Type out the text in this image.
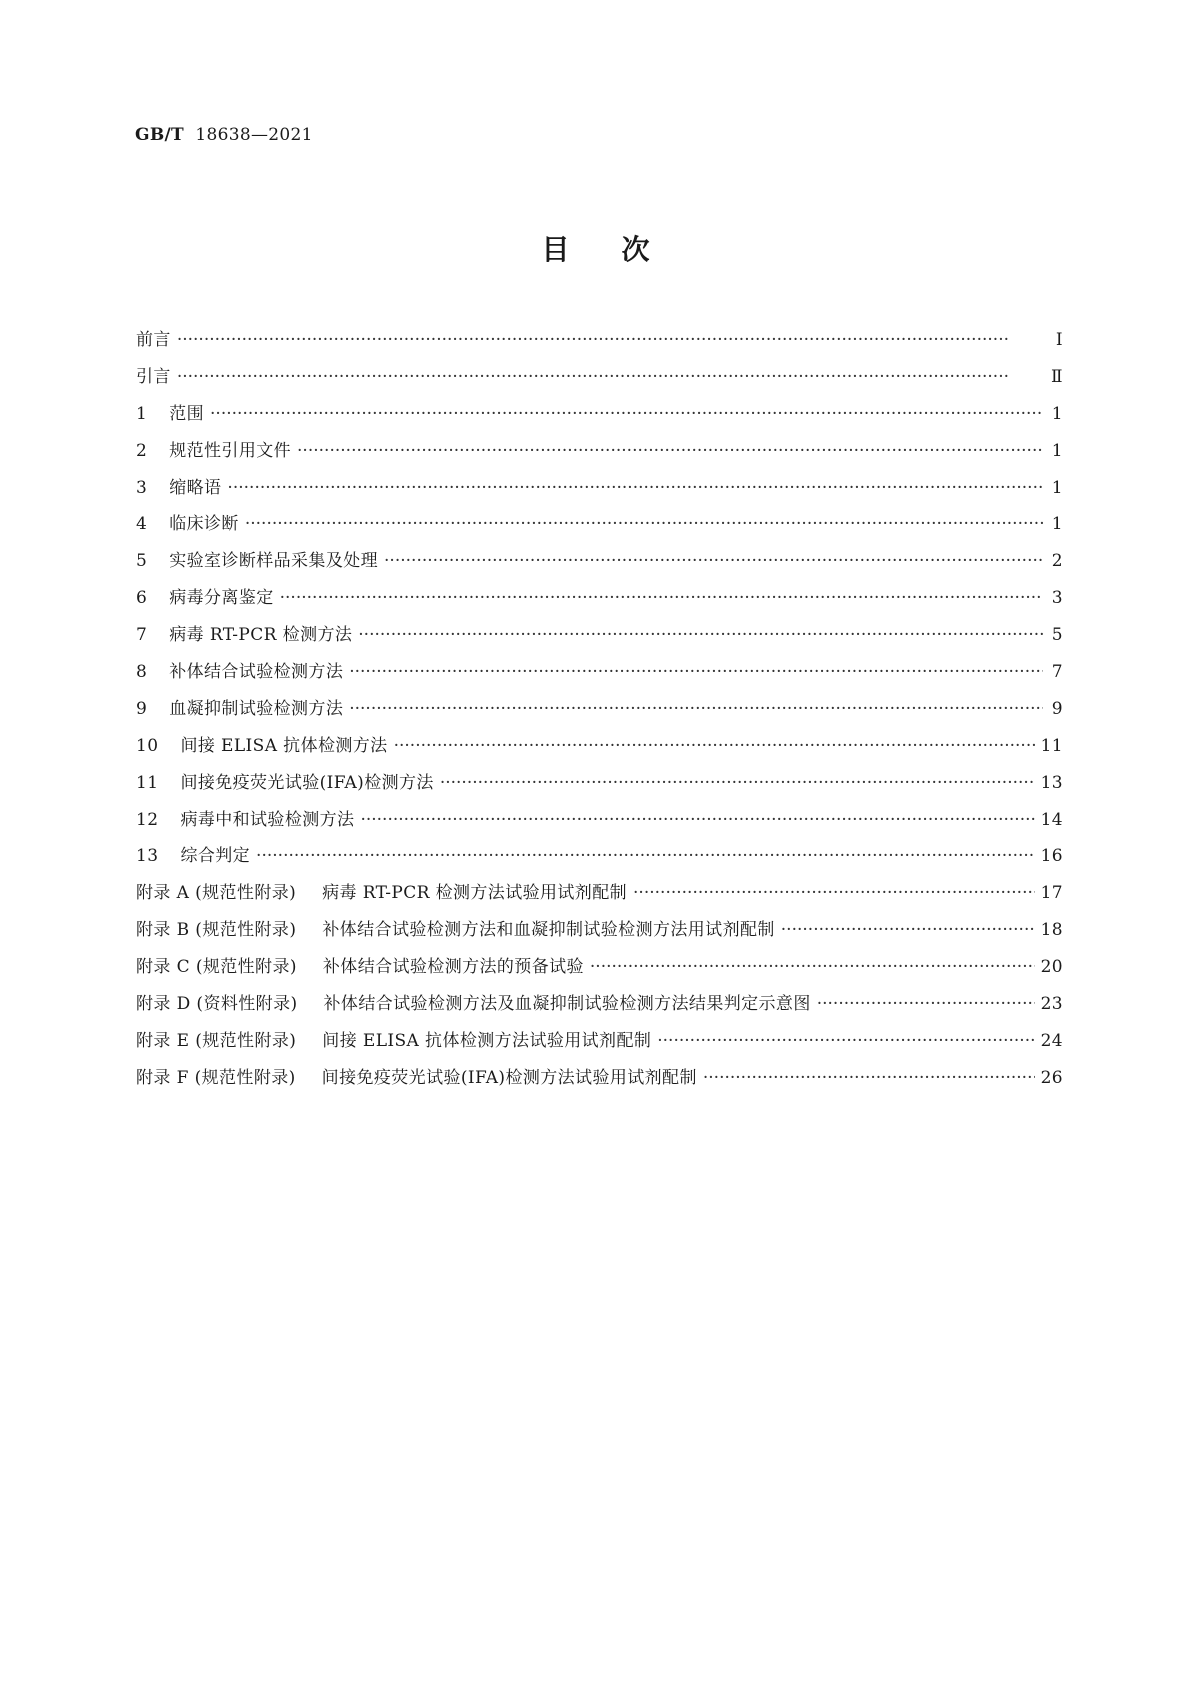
GB/T 18638—2021
目次
前言 ·····	Ⅰ
引言 ·····	Ⅱ
1 范围 ·····	1
2 规范性引用文件 ·····	1
3 缩略语 ·····	1
4 临床诊断 ·····	1
5 实验室诊断样品采集及处理 ·····	2
6 病毒分离鉴定 ·····	3
7 病毒 RT-PCR 检测方法 ·····	5
8 补体结合试验检测方法 ·····	7
9 血凝抑制试验检测方法 ·····	9
10 间接 ELISA 抗体检测方法 ·····	11
11 间接免疫荧光试验(IFA)检测方法 ·····	13
12 病毒中和试验检测方法 ·····	14
13 综合判定 ·····	16
附录 A (规范性附录) 病毒 RT-PCR 检测方法试验用试剂配制 ·····	17
附录 B (规范性附录) 补体结合试验检测方法和血凝抑制试验检测方法用试剂配制 ·····	18
附录 C (规范性附录) 补体结合试验检测方法的预备试验 ·····	20
附录 D (资料性附录) 补体结合试验检测方法及血凝抑制试验检测方法结果判定示意图 ·····	23
附录 E (规范性附录) 间接 ELISA 抗体检测方法试验用试剂配制 ·····	24
附录 F (规范性附录) 间接免疫荧光试验(IFA)检测方法试验用试剂配制 ·····	26
